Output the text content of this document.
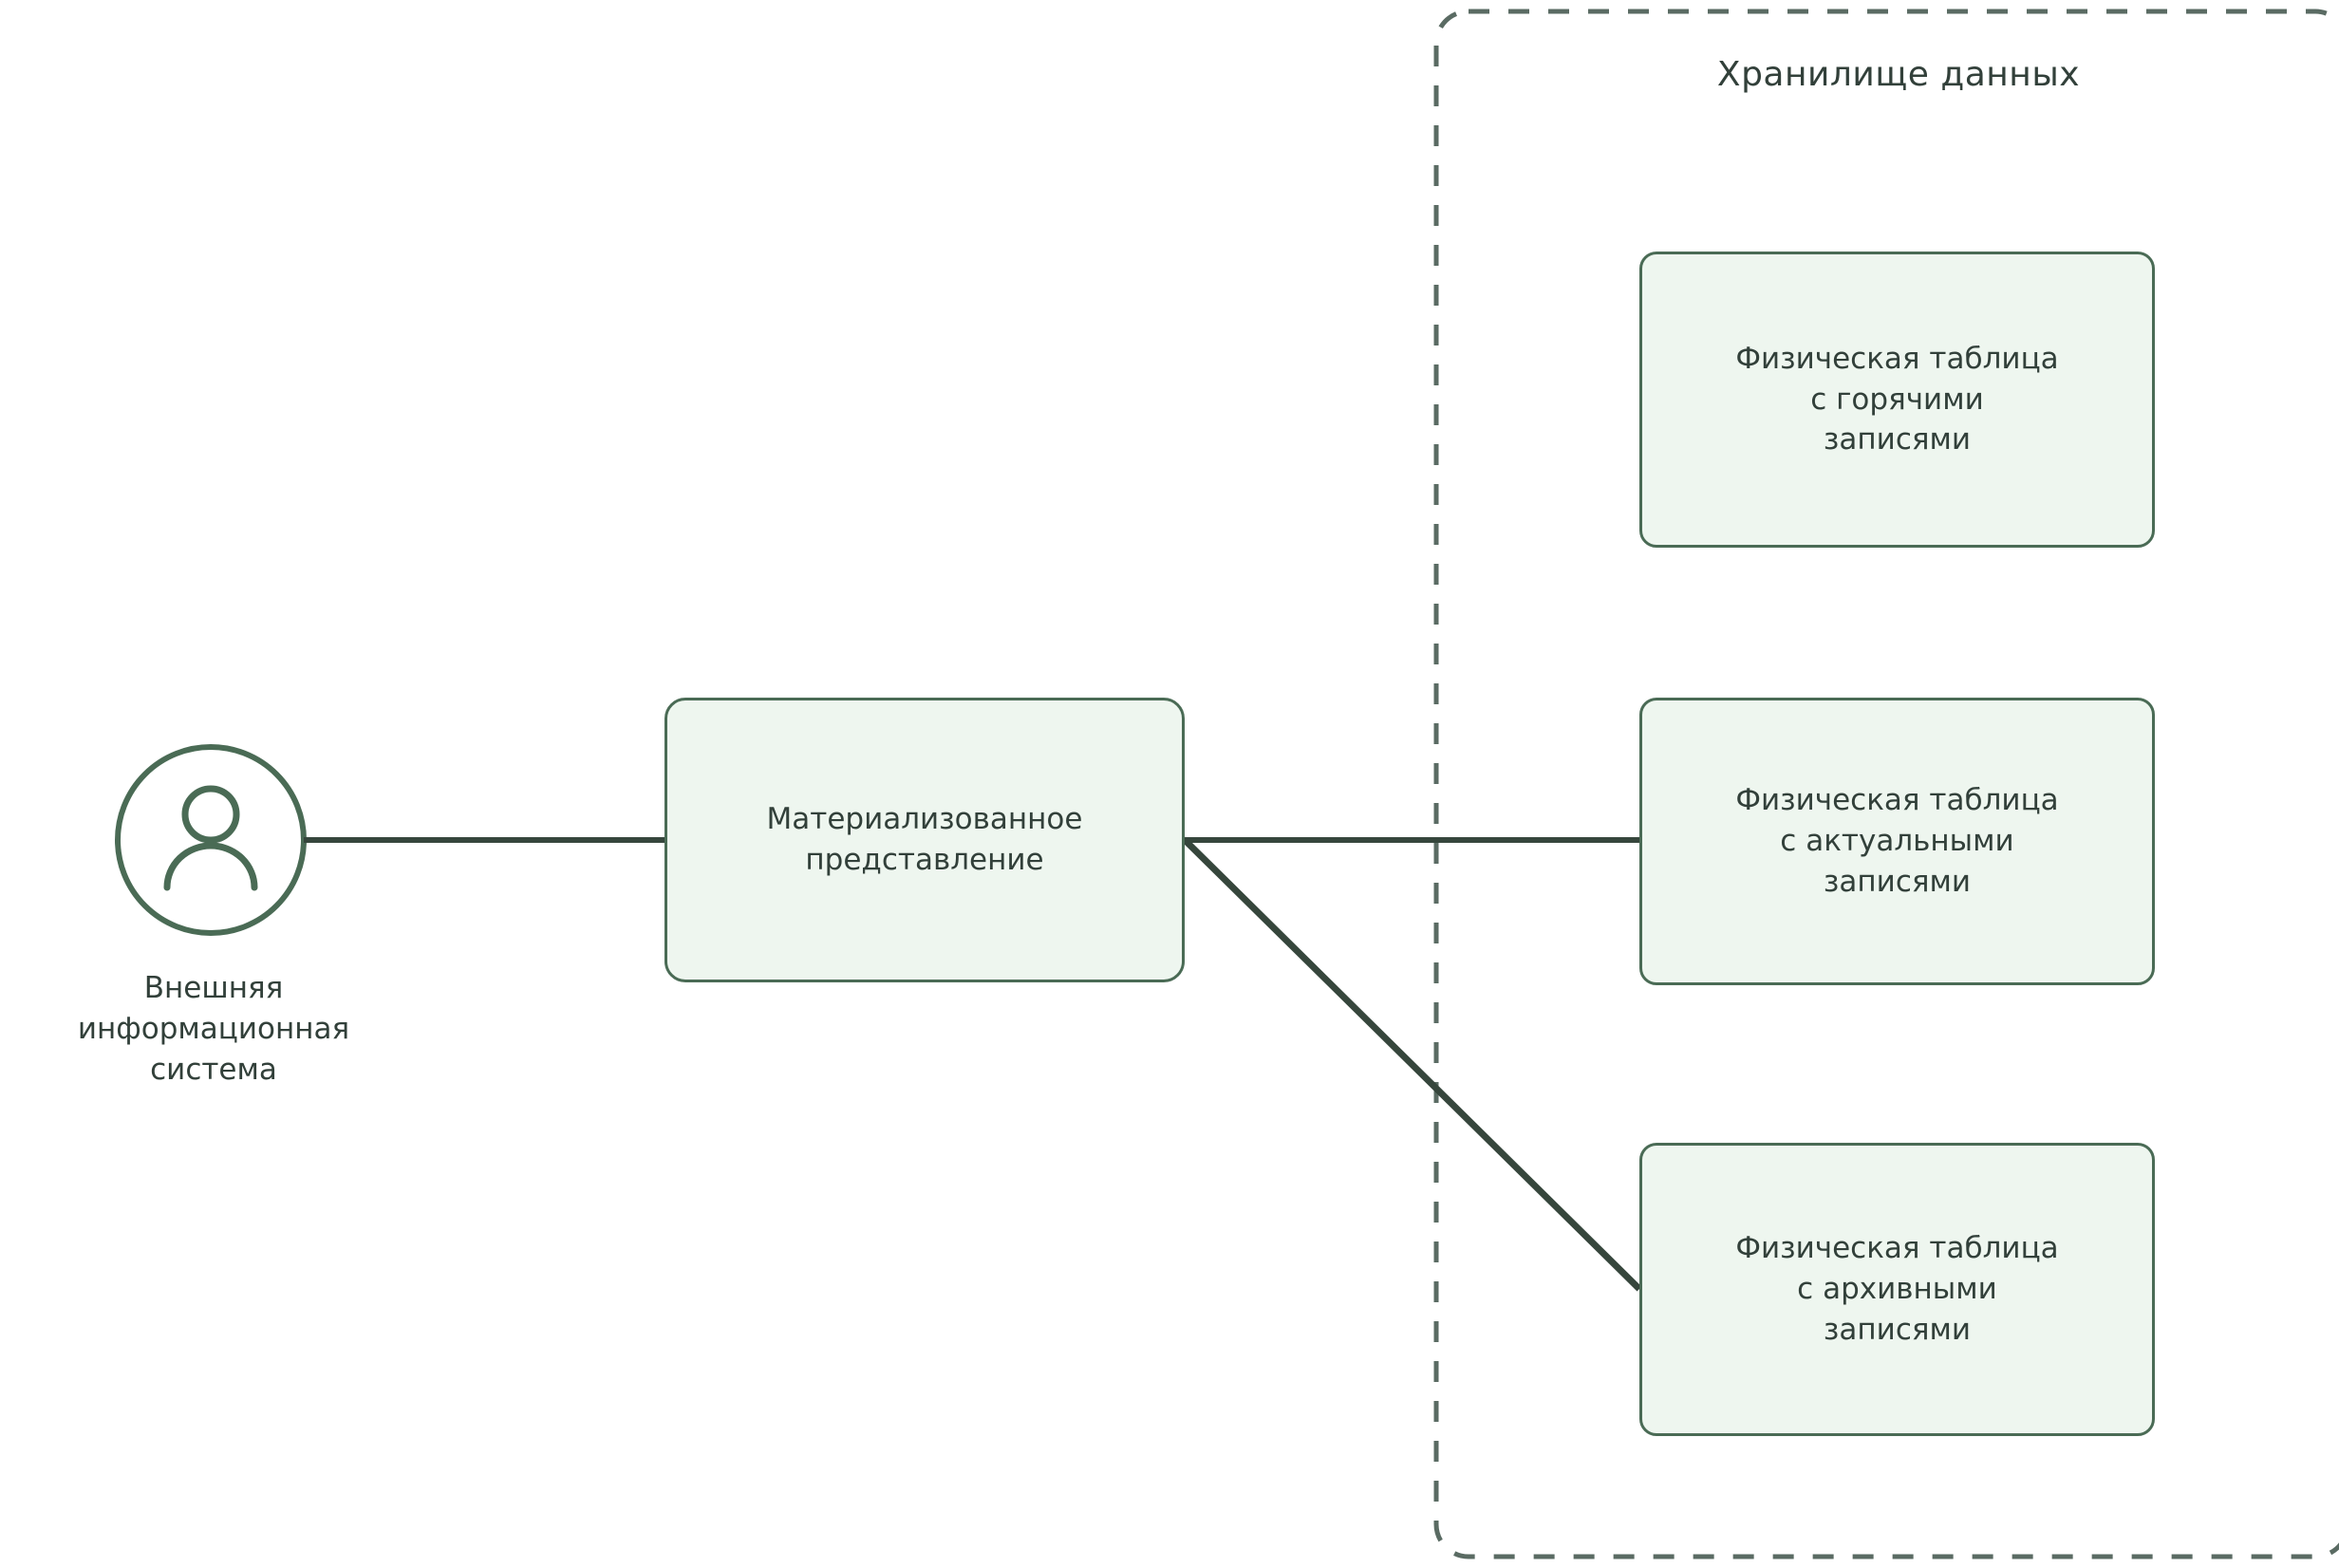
Хранилище данных
Материализованное
представление
Физическая таблица
с горячими
записями
Физическая таблица
с актуальными
записями
Физическая таблица
с архивными
записями
Внешняя
информационная
система
